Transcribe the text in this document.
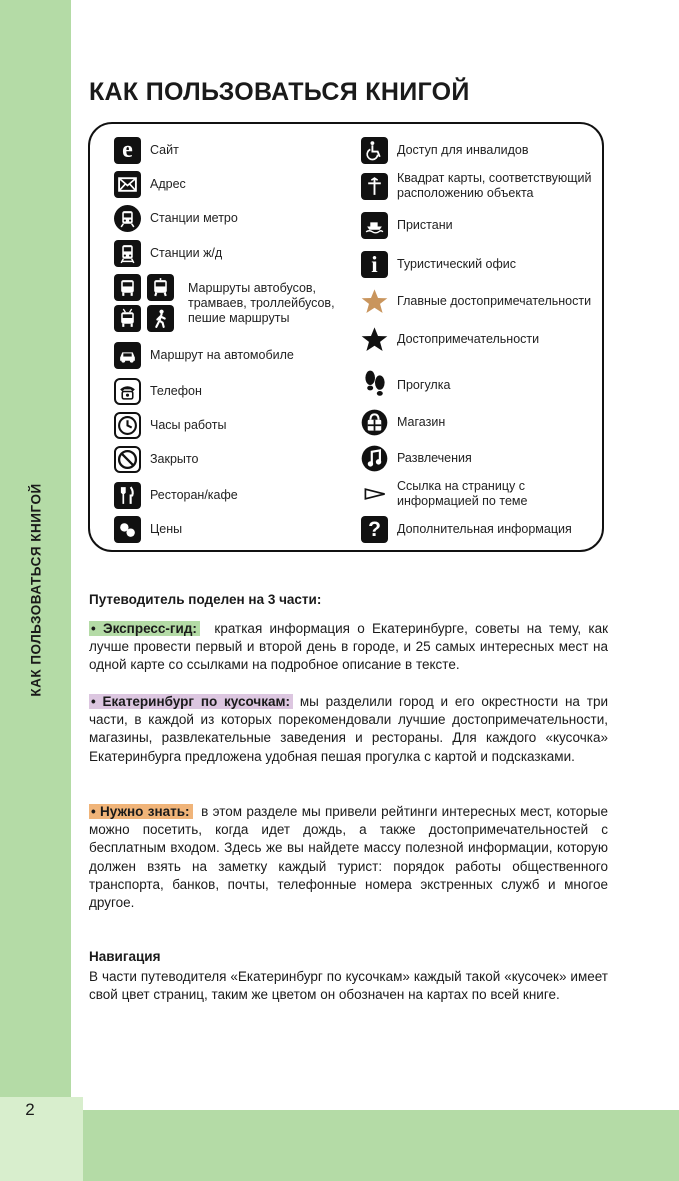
КАК ПОЛЬЗОВАТЬСЯ КНИГОЙ
2
КАК ПОЛЬЗОВАТЬСЯ КНИГОЙ
e	Сайт
Адрес
Станции метро
Станции ж/д
Маршруты автобусов, трамваев, троллейбусов, пешие маршруты
Маршрут на автомобиле
Телефон
Часы работы
Закрыто
Ресторан/кафе
Цены
Доступ для инвалидов
Квадрат карты, соответствующий расположению объекта
Пристани
i	Туристический офис
Главные достопримечательности
Достопримечательности
Прогулка
Магазин
Развлечения
Ссылка на страницу с информацией по теме
?	Дополнительная информация

Путеводитель поделен на 3 части:

• Экспресс-гид: краткая информация о Екатеринбурге, советы на тему, как лучше провести первый и второй день в городе, и 25 самых интересных мест на одной карте со ссылками на подробное описание в тексте.

• Екатеринбург по кусочкам: мы разделили город и его окрестности на три части, в каждой из которых порекомендовали лучшие достопримечательности, магазины, развлекательные заведения и рестораны. Для каждого «кусочка» Екатеринбурга предложена удобная пешая прогулка с картой и подсказками.

• Нужно знать: в этом разделе мы привели рейтинги интересных мест, которые можно посетить, когда идет дождь, а также достопримечательностей с бесплатным входом. Здесь же вы найдете массу полезной информации, которую должен взять на заметку каждый турист: порядок работы общественного транспорта, банков, почты, телефонные номера экстренных служб и многое другое.

Навигация

В части путеводителя «Екатеринбург по кусочкам» каждый такой «кусочек» имеет свой цвет страниц, таким же цветом он обозначен на картах по всей книге.
